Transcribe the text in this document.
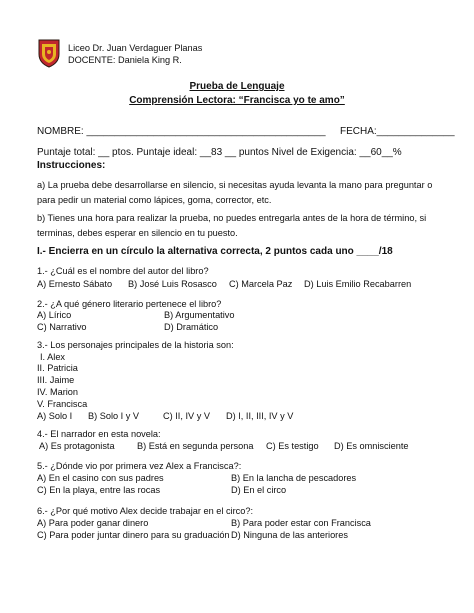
Liceo Dr. Juan Verdaguer Planas
DOCENTE: Daniela King R.
Prueba de Lenguaje
Comprensión Lectora: “Francisca yo te amo”
NOMBRE: ___________________________________________ FECHA:______________
Puntaje total: __ ptos. Puntaje ideal: __83 __ puntos Nivel de Exigencia: __60__%
Instrucciones:
a) La prueba debe desarrollarse en silencio, si necesitas ayuda levanta la mano para preguntar o
para pedir un material como lápices, goma, corrector, etc.
b) Tienes una hora para realizar la prueba, no puedes entregarla antes de la hora de término, si
terminas, debes esperar en silencio en tu puesto.
I.- Encierra en un círculo la alternativa correcta, 2 puntos cada uno ____/18
1.- ¿Cuál es el nombre del autor del libro?
A) Ernesto Sábato B) José Luis Rosasco C) Marcela Paz D) Luis Emilio Recabarren
2.- ¿A qué género literario pertenece el libro?
A) Lírico	B) Argumentativo
C) Narrativo	D) Dramático
3.- Los personajes principales de la historia son:
I. Alex
II. Patricia
III. Jaime
IV. Marion
V. Francisca
A) Solo I B) Solo I y V	C) II, IV y V D) I, II, III, IV y V
4.- El narrador en esta novela:
A) Es protagonista B) Está en segunda persona C) Es testigo D) Es omnisciente
5.- ¿Dónde vio por primera vez Alex a Francisca?:
A) En el casino con sus padres	B) En la lancha de pescadores
C) En la playa, entre las rocas	D) En el circo
6.- ¿Por qué motivo Alex decide trabajar en el circo?:
A) Para poder ganar dinero	B) Para poder estar con Francisca
C) Para poder juntar dinero para su graduación D) Ninguna de las anteriores
